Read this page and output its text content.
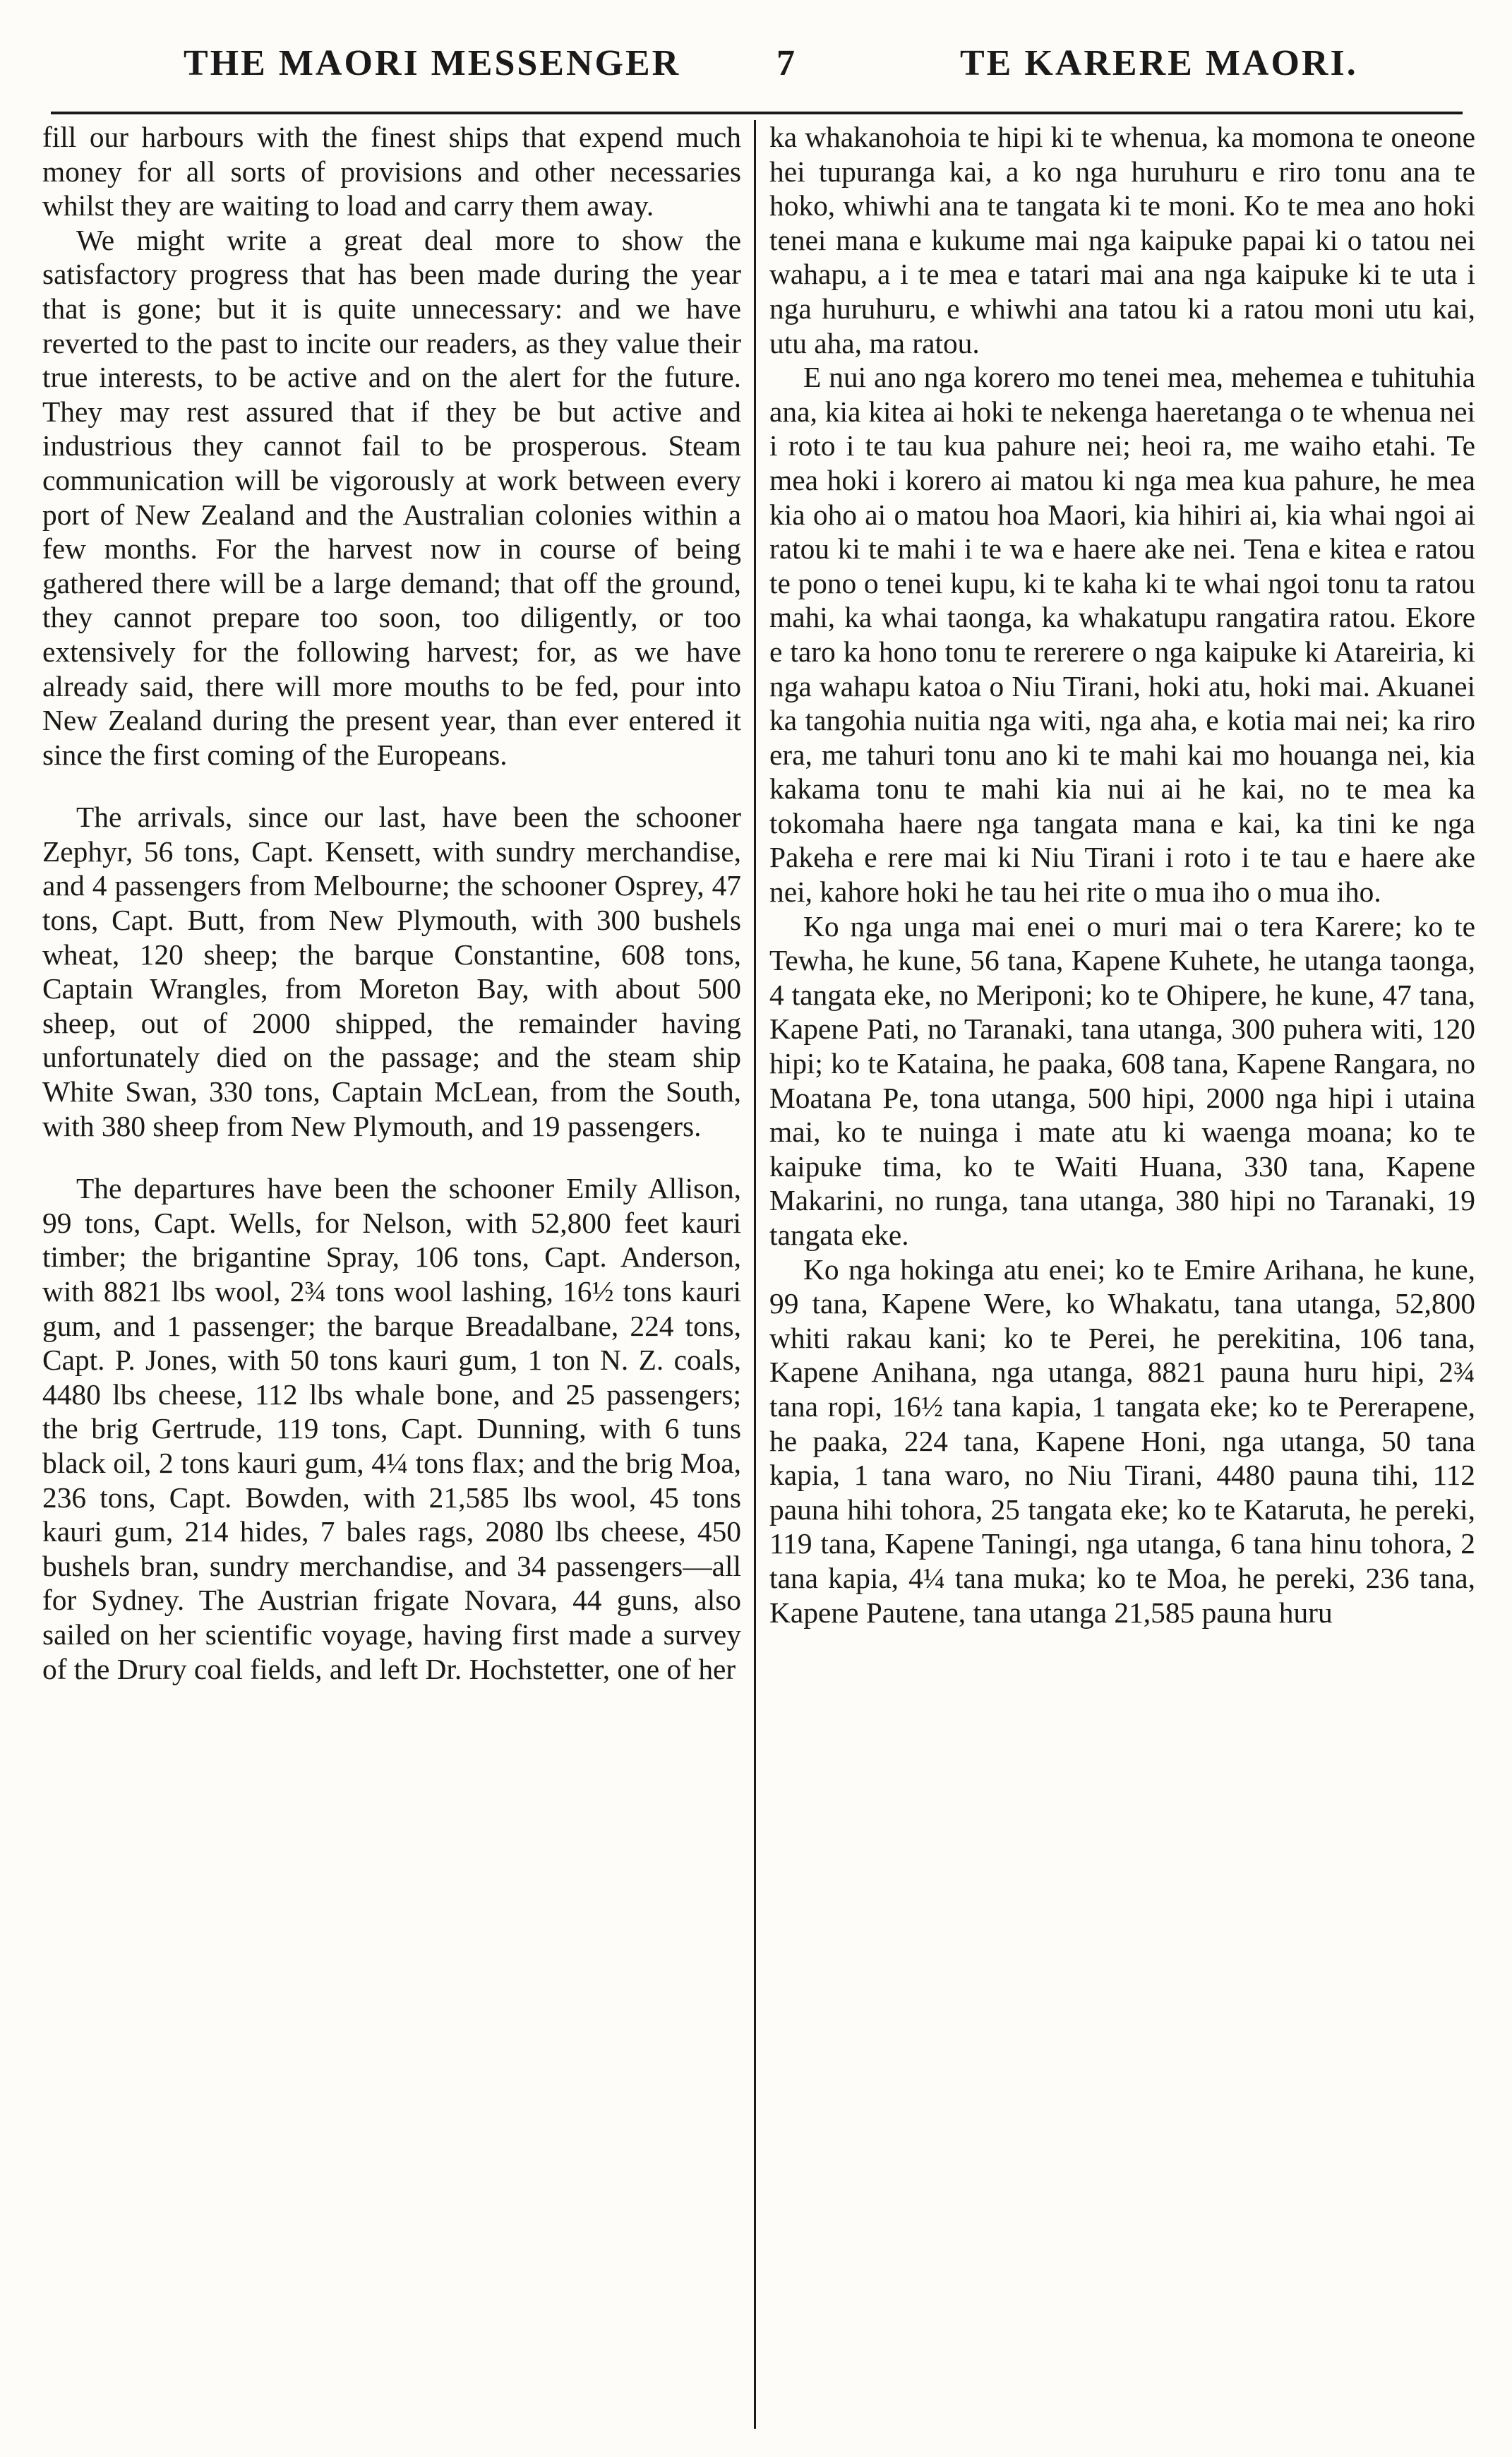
THE MAORI MESSENGER	7	TE KARERE MAORI.

fill our harbours with the finest ships that expend much money for all sorts of provisions and other necessaries whilst they are waiting to load and carry them away.

We might write a great deal more to show the satisfactory progress that has been made during the year that is gone; but it is quite unnecessary: and we have reverted to the past to incite our readers, as they value their true interests, to be active and on the alert for the future. They may rest assured that if they be but active and industrious they cannot fail to be prosperous. Steam communication will be vigorously at work between every port of New Zealand and the Australian colonies within a few months. For the harvest now in course of being gathered there will be a large demand; that off the ground, they cannot prepare too soon, too diligently, or too extensively for the following harvest; for, as we have already said, there will more mouths to be fed, pour into New Zealand during the present year, than ever entered it since the first coming of the Europeans.

The arrivals, since our last, have been the schooner Zephyr, 56 tons, Capt. Kensett, with sundry merchandise, and 4 passengers from Melbourne; the schooner Osprey, 47 tons, Capt. Butt, from New Plymouth, with 300 bushels wheat, 120 sheep; the barque Constantine, 608 tons, Captain Wrangles, from Moreton Bay, with about 500 sheep, out of 2000 shipped, the remainder having unfortunately died on the passage; and the steam ship White Swan, 330 tons, Captain McLean, from the South, with 380 sheep from New Plymouth, and 19 passengers.

The departures have been the schooner Emily Allison, 99 tons, Capt. Wells, for Nelson, with 52,800 feet kauri timber; the brigantine Spray, 106 tons, Capt. Anderson, with 8821 lbs wool, 2¾ tons wool lashing, 16½ tons kauri gum, and 1 passenger; the barque Breadalbane, 224 tons, Capt. P. Jones, with 50 tons kauri gum, 1 ton N. Z. coals, 4480 lbs cheese, 112 lbs whale bone, and 25 passengers; the brig Gertrude, 119 tons, Capt. Dunning, with 6 tuns black oil, 2 tons kauri gum, 4¼ tons flax; and the brig Moa, 236 tons, Capt. Bowden, with 21,585 lbs wool, 45 tons kauri gum, 214 hides, 7 bales rags, 2080 lbs cheese, 450 bushels bran, sundry merchandise, and 34 passengers—all for Sydney. The Austrian frigate Novara, 44 guns, also sailed on her scientific voyage, having first made a survey of the Drury coal fields, and left Dr. Hochstetter, one of her

ka whakanohoia te hipi ki te whenua, ka momona te oneone hei tupuranga kai, a ko nga huruhuru e riro tonu ana te hoko, whiwhi ana te tangata ki te moni. Ko te mea ano hoki tenei mana e kukume mai nga kaipuke papai ki o tatou nei wahapu, a i te mea e tatari mai ana nga kaipuke ki te uta i nga huruhuru, e whiwhi ana tatou ki a ratou moni utu kai, utu aha, ma ratou.

E nui ano nga korero mo tenei mea, mehemea e tuhituhia ana, kia kitea ai hoki te nekenga haeretanga o te whenua nei i roto i te tau kua pahure nei; heoi ra, me waiho etahi. Te mea hoki i korero ai matou ki nga mea kua pahure, he mea kia oho ai o matou hoa Maori, kia hihiri ai, kia whai ngoi ai ratou ki te mahi i te wa e haere ake nei. Tena e kitea e ratou te pono o tenei kupu, ki te kaha ki te whai ngoi tonu ta ratou mahi, ka whai taonga, ka whakatupu rangatira ratou. Ekore e taro ka hono tonu te rererere o nga kaipuke ki Atareiria, ki nga wahapu katoa o Niu Tirani, hoki atu, hoki mai. Akuanei ka tangohia nuitia nga witi, nga aha, e kotia mai nei; ka riro era, me tahuri tonu ano ki te mahi kai mo houanga nei, kia kakama tonu te mahi kia nui ai he kai, no te mea ka tokomaha haere nga tangata mana e kai, ka tini ke nga Pakeha e rere mai ki Niu Tirani i roto i te tau e haere ake nei, kahore hoki he tau hei rite o mua iho o mua iho.

Ko nga unga mai enei o muri mai o tera Karere; ko te Tewha, he kune, 56 tana, Kapene Kuhete, he utanga taonga, 4 tangata eke, no Meriponi; ko te Ohipere, he kune, 47 tana, Kapene Pati, no Taranaki, tana utanga, 300 puhera witi, 120 hipi; ko te Kataina, he paaka, 608 tana, Kapene Rangara, no Moatana Pe, tona utanga, 500 hipi, 2000 nga hipi i utaina mai, ko te nuinga i mate atu ki waenga moana; ko te kaipuke tima, ko te Waiti Huana, 330 tana, Kapene Makarini, no runga, tana utanga, 380 hipi no Taranaki, 19 tangata eke.

Ko nga hokinga atu enei; ko te Emire Arihana, he kune, 99 tana, Kapene Were, ko Whakatu, tana utanga, 52,800 whiti rakau kani; ko te Perei, he perekitina, 106 tana, Kapene Anihana, nga utanga, 8821 pauna huru hipi, 2¾ tana ropi, 16½ tana kapia, 1 tangata eke; ko te Pererapene, he paaka, 224 tana, Kapene Honi, nga utanga, 50 tana kapia, 1 tana waro, no Niu Tirani, 4480 pauna tihi, 112 pauna hihi tohora, 25 tangata eke; ko te Kataruta, he pereki, 119 tana, Kapene Taningi, nga utanga, 6 tana hinu tohora, 2 tana kapia, 4¼ tana muka; ko te Moa, he pereki, 236 tana, Kapene Pautene, tana utanga 21,585 pauna huru
